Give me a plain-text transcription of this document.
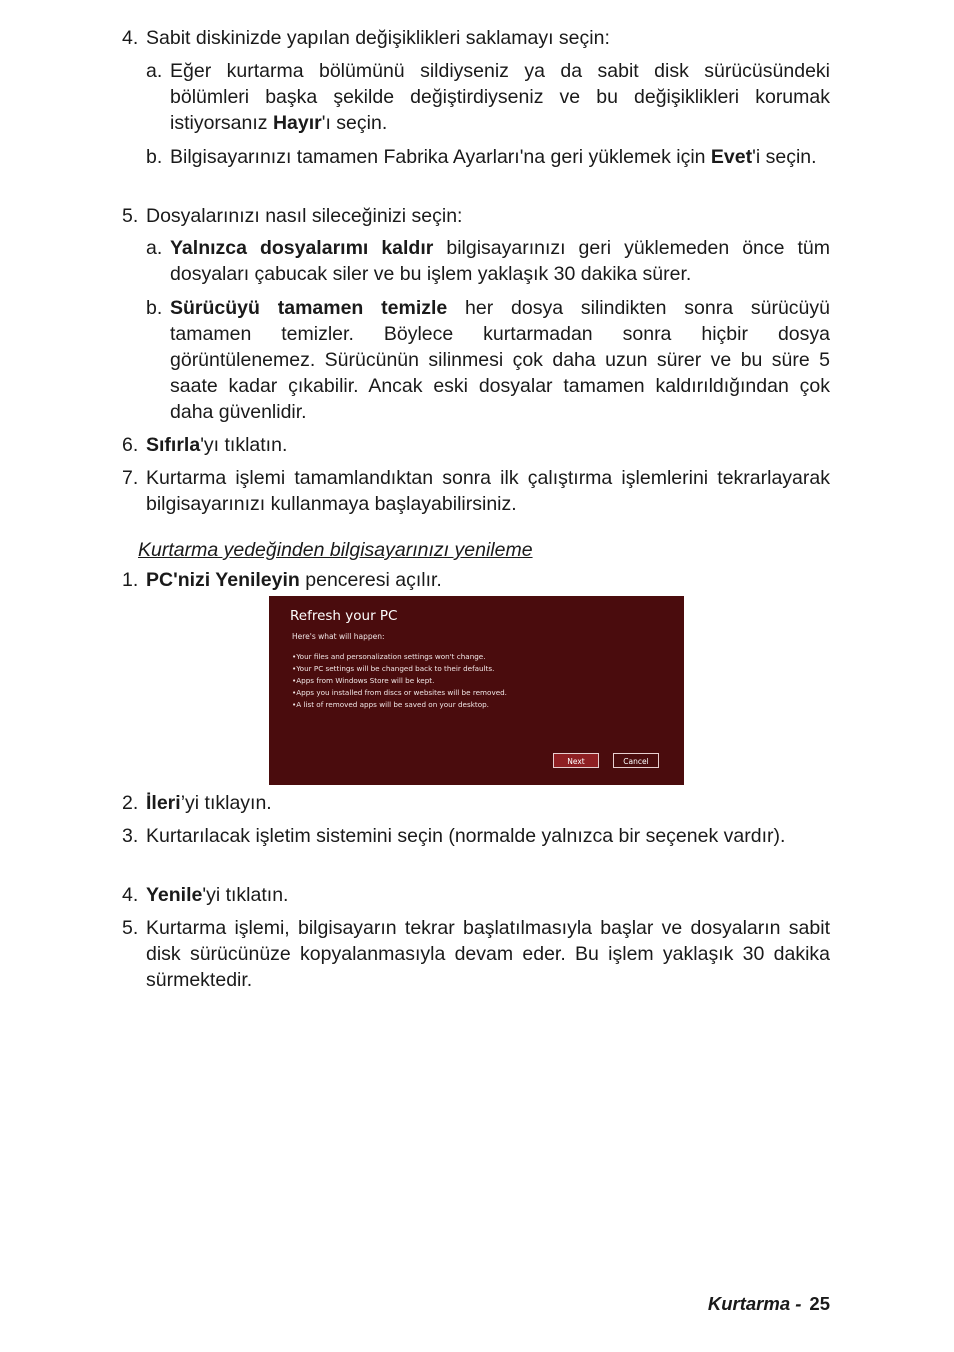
4. Sabit diskinizde yapılan değişiklikleri saklamayı seçin:
a. Eğer kurtarma bölümünü sildiyseniz ya da sabit disk sürücüsündeki bölümleri başka şekilde değiştirdiyseniz ve bu değişiklikleri korumak istiyorsanız Hayır'ı seçin.
b. Bilgisayarınızı tamamen Fabrika Ayarları'na geri yüklemek için Evet'i seçin.
5. Dosyalarınızı nasıl sileceğinizi seçin:
a. Yalnızca dosyalarımı kaldır bilgisayarınızı geri yüklemeden önce tüm dosyaları çabucak siler ve bu işlem yaklaşık 30 dakika sürer.
b. Sürücüyü tamamen temizle her dosya silindikten sonra sürücüyü tamamen temizler. Böylece kurtarmadan sonra hiçbir dosya görüntülenemez. Sürücünün silinmesi çok daha uzun sürer ve bu süre 5 saate kadar çıkabilir. Ancak eski dosyalar tamamen kaldırıldığından çok daha güvenlidir.
6. Sıfırla'yı tıklatın.
7. Kurtarma işlemi tamamlandıktan sonra ilk çalıştırma işlemlerini tekrarlayarak bilgisayarınızı kullanmaya başlayabilirsiniz.
Kurtarma yedeğinden bilgisayarınızı yenileme
1. PC'nizi Yenileyin penceresi açılır.
Refresh your PC
Here's what will happen:
• Your files and personalization settings won't change.
• Your PC settings will be changed back to their defaults.
• Apps from Windows Store will be kept.
• Apps you installed from discs or websites will be removed.
• A list of removed apps will be saved on your desktop.
Next	Cancel
2. İleri’yi tıklayın.
3. Kurtarılacak işletim sistemini seçin (normalde yalnızca bir seçenek vardır).
4. Yenile'yi tıklatın.
5. Kurtarma işlemi, bilgisayarın tekrar başlatılmasıyla başlar ve dosyaların sabit disk sürücünüze kopyalanmasıyla devam eder. Bu işlem yaklaşık 30 dakika sürmektedir.
Kurtarma - 25
